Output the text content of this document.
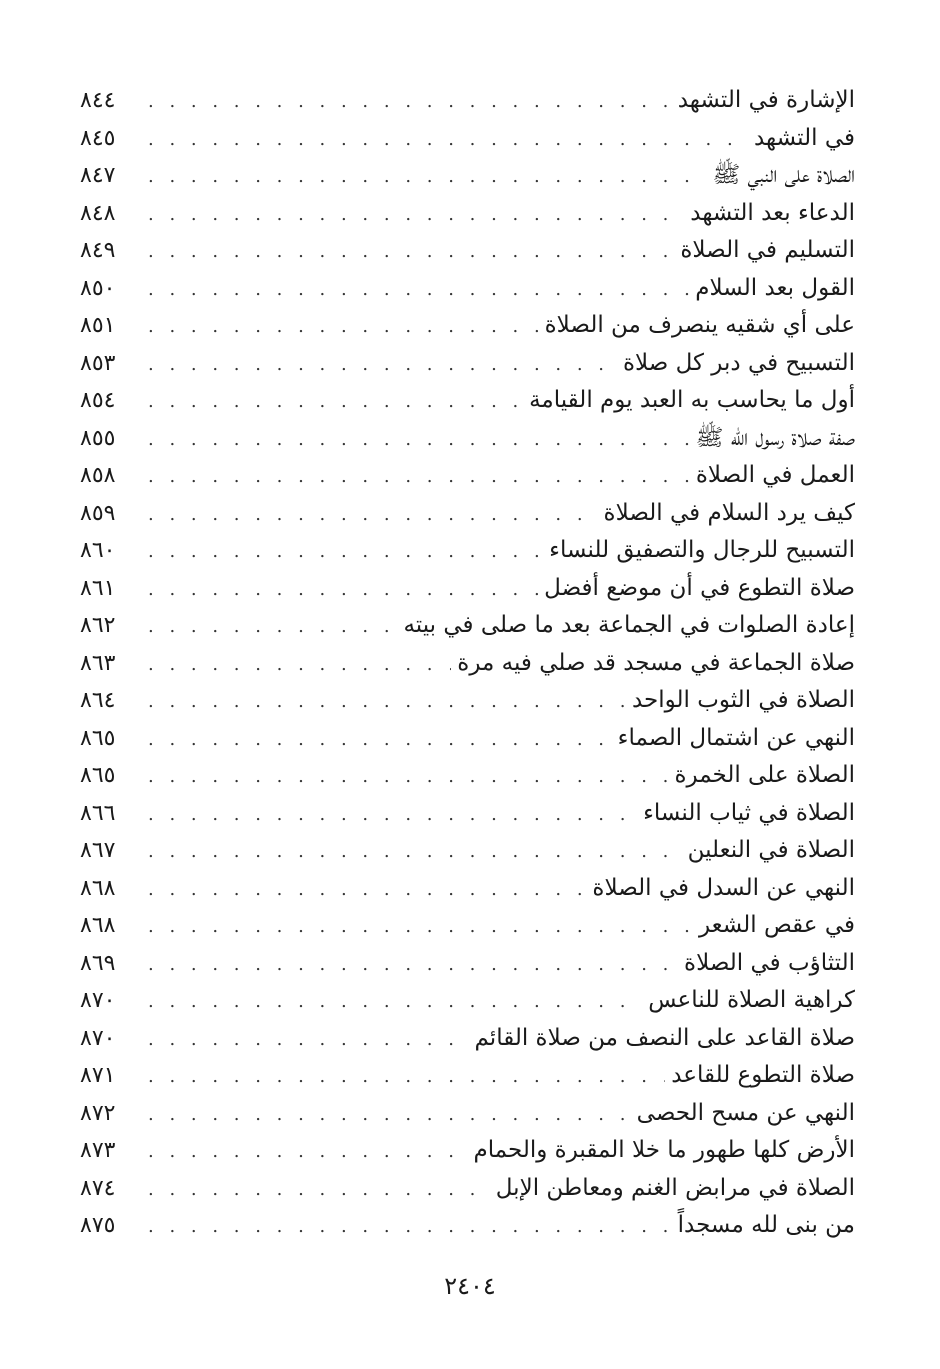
الإشارة في التشهد
. . .
٨٤٤
في التشهد
. . .
٨٤٥
الصلاة على النبي ﷺ
. . .
٨٤٧
الدعاء بعد التشهد
. . .
٨٤٨
التسليم في الصلاة
. . .
٨٤٩
القول بعد السلام
. . .
٨٥٠
على أي شقيه ينصرف من الصلاة
. . .
٨٥١
التسبيح في دبر كل صلاة
. . .
٨٥٣
أول ما يحاسب به العبد يوم القيامة
. . .
٨٥٤
صفة صلاة رسول الله ﷺ
. . .
٨٥٥
العمل في الصلاة
. . .
٨٥٨
كيف يرد السلام في الصلاة
. . .
٨٥٩
التسبيح للرجال والتصفيق للنساء
. . .
٨٦٠
صلاة التطوع في أن موضع أفضل
. . .
٨٦١
إعادة الصلوات في الجماعة بعد ما صلى في بيته
. . .
٨٦٢
صلاة الجماعة في مسجد قد صلي فيه مرة
. . .
٨٦٣
الصلاة في الثوب الواحد
. . .
٨٦٤
النهي عن اشتمال الصماء
. . .
٨٦٥
الصلاة على الخمرة
. . .
٨٦٥
الصلاة في ثياب النساء
. . .
٨٦٦
الصلاة في النعلين
. . .
٨٦٧
النهي عن السدل في الصلاة
. . .
٨٦٨
في عقص الشعر
. . .
٨٦٨
التثاؤب في الصلاة
. . .
٨٦٩
كراهية الصلاة للناعس
. . .
٨٧٠
صلاة القاعد على النصف من صلاة القائم
. . .
٨٧٠
صلاة التطوع للقاعد
. . .
٨٧١
النهي عن مسح الحصى
. . .
٨٧٢
الأرض كلها طهور ما خلا المقبرة والحمام
. . .
٨٧٣
الصلاة في مرابض الغنم ومعاطن الإبل
. . .
٨٧٤
من بنى لله مسجداً
. . .
٨٧٥
٢٤٠٤
